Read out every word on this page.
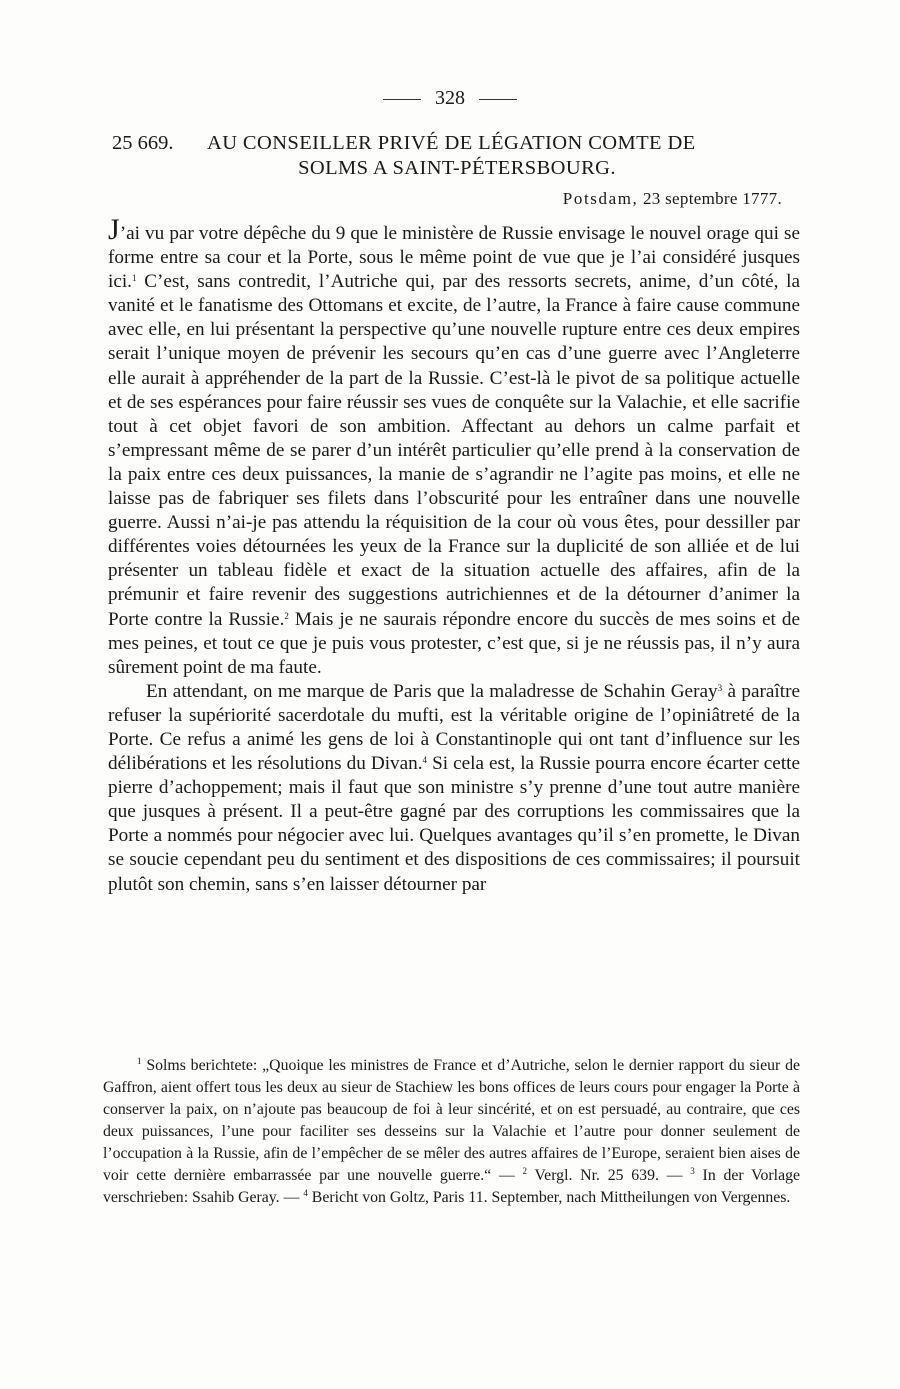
328
25 669. AU CONSEILLER PRIVÉ DE LÉGATION COMTE DE
SOLMS A SAINT-PÉTERSBOURG.
Potsdam, 23 septembre 1777.

J’ai vu par votre dépêche du 9 que le ministère de Russie envisage le nouvel orage qui se forme entre sa cour et la Porte, sous le même point de vue que je l’ai considéré jusques ici.$^1$ C’est, sans contredit, l’Autriche qui, par des ressorts secrets, anime, d’un côté, la vanité et le fanatisme des Ottomans et excite, de l’autre, la France à faire cause commune avec elle, en lui présentant la perspective qu’une nouvelle rupture entre ces deux empires serait l’unique moyen de prévenir les secours qu’en cas d’une guerre avec l’Angleterre elle aurait à appréhender de la part de la Russie. C’est-là le pivot de sa politique actuelle et de ses espérances pour faire réussir ses vues de conquête sur la Valachie, et elle sacrifie tout à cet objet favori de son ambition. Affectant au dehors un calme parfait et s’empressant même de se parer d’un intérêt particulier qu’elle prend à la conservation de la paix entre ces deux puissances, la manie de s’agrandir ne l’agite pas moins, et elle ne laisse pas de fabriquer ses filets dans l’obscurité pour les entraîner dans une nouvelle guerre. Aussi n’ai-je pas attendu la réquisition de la cour où vous êtes, pour dessiller par différentes voies détournées les yeux de la France sur la duplicité de son alliée et de lui présenter un tableau fidèle et exact de la situation actuelle des affaires, afin de la prémunir et faire revenir des suggestions autrichiennes et de la détourner d’animer la Porte contre la Russie.$^2$ Mais je ne saurais répondre encore du succès de mes soins et de mes peines, et tout ce que je puis vous protester, c’est que, si je ne réussis pas, il n’y aura sûrement point de ma faute.

En attendant, on me marque de Paris que la maladresse de Schahin Geray$^3$ à paraître refuser la supériorité sacerdotale du mufti, est la véritable origine de l’opiniâtreté de la Porte. Ce refus a animé les gens de loi à Constantinople qui ont tant d’influence sur les délibérations et les résolutions du Divan.$^4$ Si cela est, la Russie pourra encore écarter cette pierre d’achoppement; mais il faut que son ministre s’y prenne d’une tout autre manière que jusques à présent. Il a peut-être gagné par des corruptions les commissaires que la Porte a nommés pour négocier avec lui. Quelques avantages qu’il s’en promette, le Divan se soucie cependant peu du sentiment et des dispositions de ces commissaires; il poursuit plutôt son chemin, sans s’en laisser détourner par

$^1$ Solms berichtete: „Quoique les ministres de France et d’Autriche, selon le dernier rapport du sieur de Gaffron, aient offert tous les deux au sieur de Stachiew les bons offices de leurs cours pour engager la Porte à conserver la paix, on n’ajoute pas beaucoup de foi à leur sincérité, et on est persuadé, au contraire, que ces deux puissances, l’une pour faciliter ses desseins sur la Valachie et l’autre pour donner seulement de l’occupation à la Russie, afin de l’empêcher de se mêler des autres affaires de l’Europe, seraient bien aises de voir cette dernière embarrassée par une nouvelle guerre.“ — $^2$ Vergl. Nr. 25 639. — $^3$ In der Vorlage verschrieben: Ssahib Geray. — $^4$ Bericht von Goltz, Paris 11. September, nach Mittheilungen von Vergennes.
